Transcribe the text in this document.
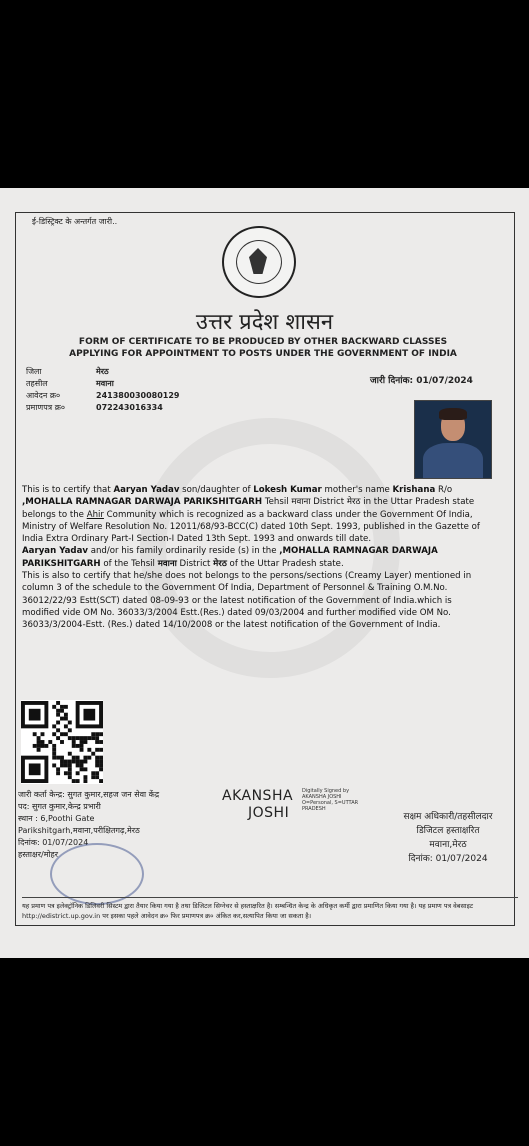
ई-डिस्ट्रिक्ट के अन्तर्गत जारी..
उत्तर प्रदेश शासन
FORM OF CERTIFICATE TO BE PRODUCED BY OTHER BACKWARD CLASSES
APPLYING FOR APPOINTMENT TO POSTS UNDER THE GOVERNMENT OF INDIA
जिला	मेरठ
तहसील	मवाना
आवेदन क्र०	241380030080129
प्रमाणपत्र क्र०	072243016334
जारी दिनांक: 01/07/2024
This is to certify that Aaryan Yadav son/daughter of Lokesh Kumar mother's name Krishana R/o ,MOHALLA RAMNAGAR DARWAJA PARIKSHITGARH Tehsil मवाना District मेरठ in the Uttar Pradesh state belongs to the Ahir Community which is recognized as a backward class under the Government Of India, Ministry of Welfare Resolution No. 12011/68/93-BCC(C) dated 10th Sept. 1993, published in the Gazette of India Extra Ordinary Part-I Section-I Dated 13th Sept. 1993 and onwards till date.
Aaryan Yadav and/or his family ordinarily reside (s) in the ,MOHALLA RAMNAGAR DARWAJA PARIKSHITGARH of the Tehsil मवाना District मेरठ of the Uttar Pradesh state.
This is also to certify that he/she does not belongs to the persons/sections (Creamy Layer) mentioned in column 3 of the schedule to the Government Of India, Department of Personnel & Training O.M.No. 36012/22/93 Estt(SCT) dated 08-09-93 or the latest notification of the Government of India.which is modified vide OM No. 36033/3/2004 Estt.(Res.) dated 09/03/2004 and further modified vide OM No. 36033/3/2004-Estt. (Res.) dated 14/10/2008 or the latest notification of the Government of India.
जारी कर्ता केन्द्र: सुगत कुमार,सहज जन सेवा केंद्र
पद: सुगत कुमार,केन्द्र प्रभारी
स्थान : 6,Poothi Gate
Parikshitgarh,मवाना,परीक्षितगढ़,मेरठ
दिनांक: 01/07/2024
हस्ताक्षर/मोहर
AKANSHA
JOSHI
Digitally Signed by
AKANSHA JOSHI
O=Personal, S=UTTAR
PRADESH
सक्षम अधिकारी/तहसीलदार
डिजिटल हस्ताक्षरित
मवाना,मेरठ
दिनांक: 01/07/2024
यह प्रमाण पत्र इलेक्ट्रॉनिक डिलिवरी सिस्टम द्वारा तैयार किया गया है तथा डिजिटल सिग्नेचर से हस्ताक्षरित है। सम्बन्धित केन्द्र के अधिकृत कर्मी द्वारा प्रमाणित किया गया है। यह प्रमाण पत्र वेबसाइट http://edistrict.up.gov.in पर इसका पहले आवेदन क्र० फिर प्रमाणपत्र क्र० अंकित कर,सत्यापित किया जा सकता है।
